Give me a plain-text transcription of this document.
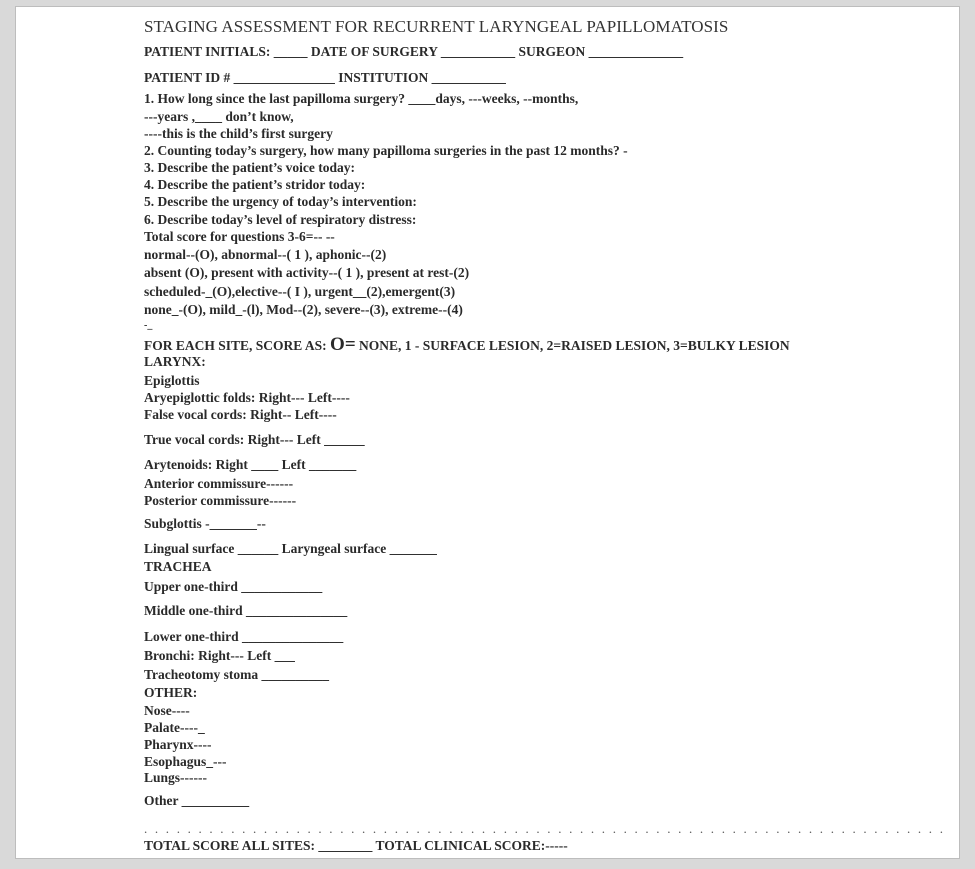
STAGING ASSESSMENT FOR RECURRENT LARYNGEAL PAPILLOMATOSIS
PATIENT INITIALS: _____ DATE OF SURGERY ___________ SURGEON ______________
PATIENT ID # _______________ INSTITUTION ___________
1. How long since the last papilloma surgery? ____days, ---weeks, --months,
---years ,____ don’t know,
----this is the child’s first surgery
2. Counting today’s surgery, how many papilloma surgeries in the past 12 months? -
3. Describe the patient’s voice today:
4. Describe the patient’s stridor today:
5. Describe the urgency of today’s intervention:
6. Describe today’s level of respiratory distress:
Total score for questions 3-6=-- --
normal--(O), abnormal--( 1 ), aphonic--(2)
absent (O), present with activity--( 1 ), present at rest-(2)
scheduled-_(O),elective--( I ), urgent__(2),emergent(3)
none_-(O), mild_-(l), Mod--(2), severe--(3), extreme--(4)
-_
FOR EACH SITE, SCORE AS: O= NONE, 1 - SURFACE LESION, 2=RAISED LESION, 3=BULKY LESION
LARYNX:
Epiglottis
Aryepiglottic folds: Right--- Left----
False vocal cords: Right-- Left----
True vocal cords: Right--- Left ______
Arytenoids: Right ____ Left _______
Anterior commissure------
Posterior commissure------
Subglottis -_______--
Lingual surface ______ Laryngeal surface _______
TRACHEA
Upper one-third ____________
Middle one-third _______________
Lower one-third _______________
Bronchi: Right--- Left ___
Tracheotomy stoma __________
OTHER:
Nose----
Palate----_
Pharynx----
Esophagus_---
Lungs------
Other __________
. . . . . . . . . . . . . . . . . . . . . . . . . . . . . . . . . . . . . . . . . . . . . . . . . . . . . . . . . . . . . . . . . . . . . . . . . .
TOTAL SCORE ALL SITES: ________ TOTAL CLINICAL SCORE:-----
